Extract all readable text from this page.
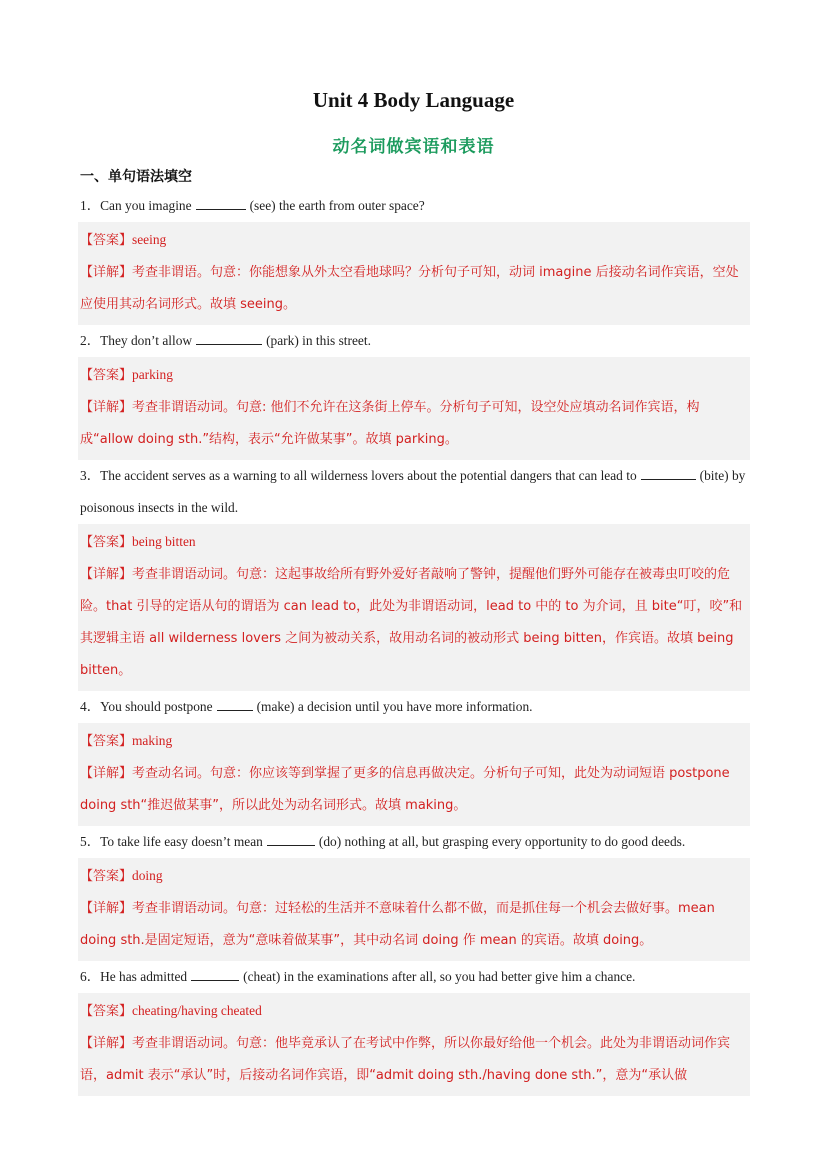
Unit 4 Body Language
动名词做宾语和表语
一、单句语法填空

1．Can you imagine	(see) the earth from outer space?

【答案】seeing

【详解】考查非谓语。句意：你能想象从外太空看地球吗？分析句子可知，动词 imagine 后接动名词作宾语，空处应使用其动名词形式。故填 seeing。

2．They don’t allow	(park) in this street.

【答案】parking

【详解】考查非谓语动词。句意: 他们不允许在这条街上停车。分析句子可知，设空处应填动名词作宾语，构成“allow doing sth.”结构，表示“允许做某事”。故填 parking。

3．The accident serves as a warning to all wilderness lovers about the potential dangers that can lead to	(bite) by poisonous insects in the wild.

【答案】being bitten

【详解】考查非谓语动词。句意：这起事故给所有野外爱好者敲响了警钟，提醒他们野外可能存在被毒虫叮咬的危险。that 引导的定语从句的谓语为 can lead to，此处为非谓语动词，lead to 中的 to 为介词，且 bite“叮，咬”和其逻辑主语 all wilderness lovers 之间为被动关系，故用动名词的被动形式 being bitten，作宾语。故填 being bitten。

4．You should postpone	(make) a decision until you have more information.

【答案】making

【详解】考查动名词。句意：你应该等到掌握了更多的信息再做决定。分析句子可知，此处为动词短语 postpone doing sth“推迟做某事”，所以此处为动名词形式。故填 making。

5．To take life easy doesn’t mean	(do) nothing at all, but grasping every opportunity to do good deeds.

【答案】doing

【详解】考查非谓语动词。句意：过轻松的生活并不意味着什么都不做，而是抓住每一个机会去做好事。mean doing sth.是固定短语，意为“意味着做某事”，其中动名词 doing 作 mean 的宾语。故填 doing。

6．He has admitted	(cheat) in the examinations after all, so you had better give him a chance.

【答案】cheating/having cheated

【详解】考查非谓语动词。句意：他毕竟承认了在考试中作弊，所以你最好给他一个机会。此处为非谓语动词作宾语，admit 表示“承认”时，后接动名词作宾语，即“admit doing sth./having done sth.”，意为“承认做
